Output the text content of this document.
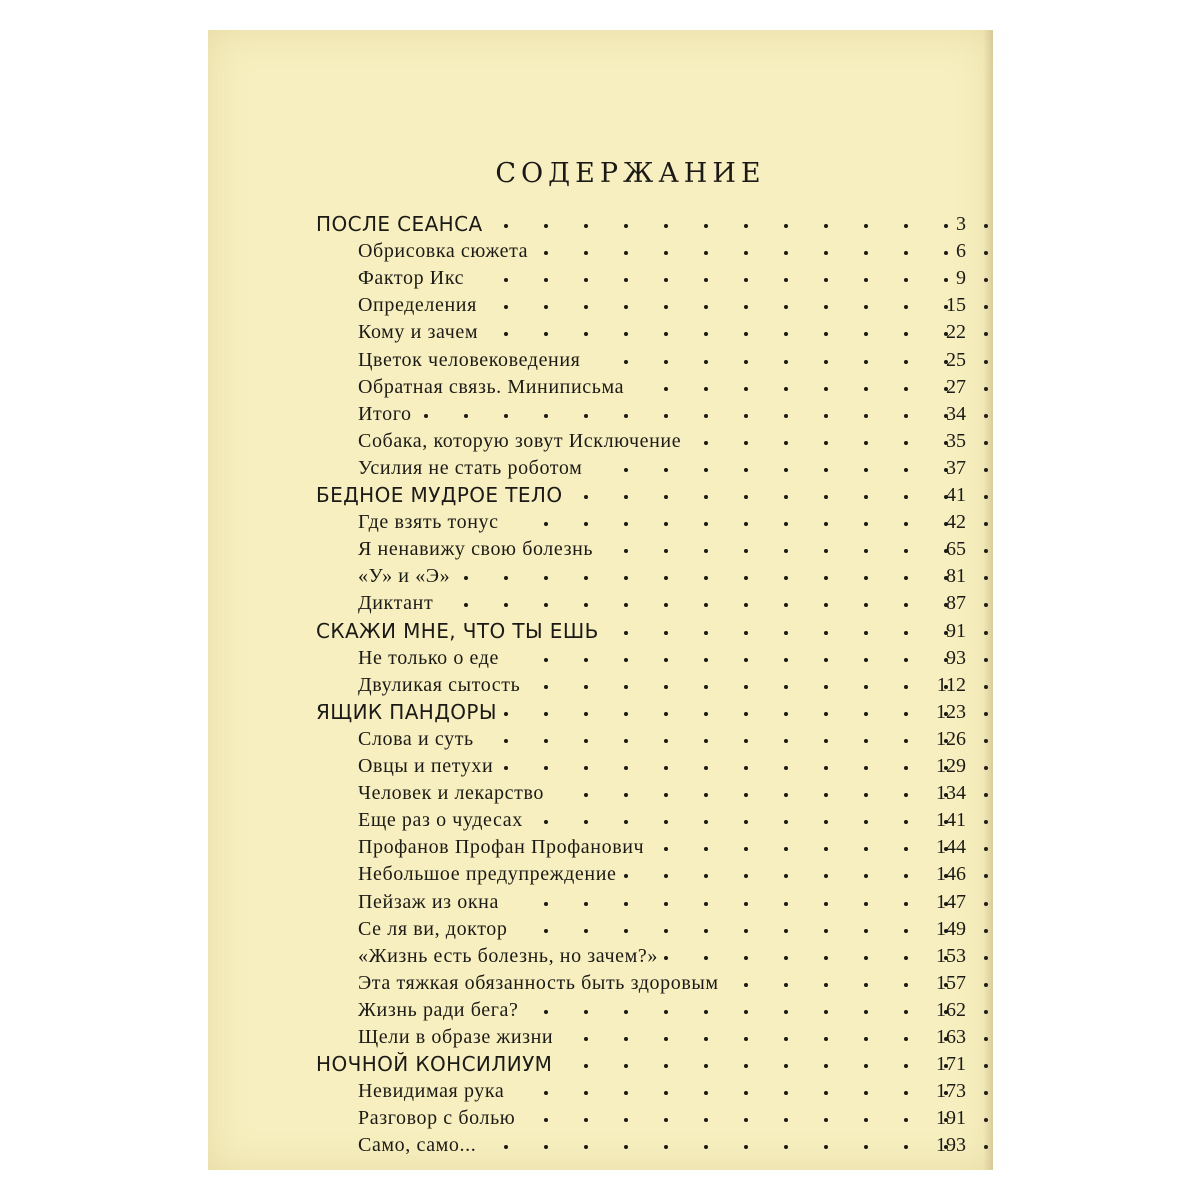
СОДЕРЖАНИЕ
ПОСЛЕ СЕАНСА	3
Обрисовка сюжета	6
Фактор Икс	9
Определения	15
Кому и зачем	22
Цветок человековедения	25
Обратная связь. Миниписьма	27
Итого	34
Собака, которую зовут Исключение	35
Усилия не стать роботом	37
БЕДНОЕ МУДРОЕ ТЕЛО	41
Где взять тонус	42
Я ненавижу свою болезнь	65
«У» и «Э»	81
Диктант	87
СКАЖИ МНЕ, ЧТО ТЫ ЕШЬ	91
Не только о еде	93
Двуликая сытость	112
ЯЩИК ПАНДОРЫ	123
Слова и суть	126
Овцы и петухи	129
Человек и лекарство	134
Еще раз о чудесах	141
Профанов Профан Профанович	144
Небольшое предупреждение	146
Пейзаж из окна	147
Се ля ви, доктор	149
«Жизнь есть болезнь, но зачем?»	153
Эта тяжкая обязанность быть здоровым	157
Жизнь ради бега?	162
Щели в образе жизни	163
НОЧНОЙ КОНСИЛИУМ	171
Невидимая рука	173
Разговор с болью	191
Само, само...	193
